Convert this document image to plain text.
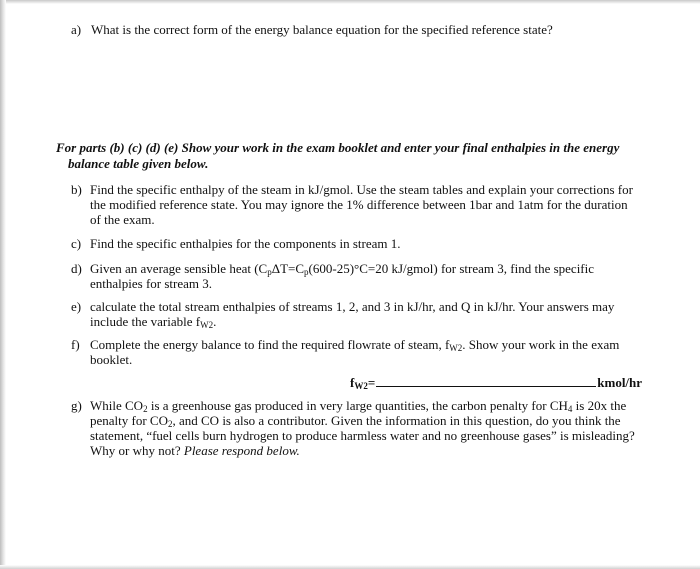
a) What is the correct form of the energy balance equation for the specified reference state?
For parts (b) (c) (d) (e) Show your work in the exam booklet and enter your final enthalpies in the energy
balance table given below.
b) Find the specific enthalpy of the steam in kJ/gmol. Use the steam tables and explain your corrections for
the modified reference state. You may ignore the 1% difference between 1bar and 1atm for the duration
of the exam.
c) Find the specific enthalpies for the components in stream 1.
d) Given an average sensible heat ($C_p\Delta T=C_p(600-25)^\circ C=20$ kJ/gmol) for stream 3, find the specific
enthalpies for stream 3.
e) calculate the total stream enthalpies of streams 1, 2, and 3 in kJ/hr, and Q in kJ/hr. Your answers may
include the variable $f_{W2}$.
f) Complete the energy balance to find the required flowrate of steam, $f_{W2}$. Show your work in the exam
booklet.
$f_{W2}=$	kmol/hr
g) While $CO_2$ is a greenhouse gas produced in very large quantities, the carbon penalty for $CH_4$ is 20x the
penalty for $CO_2$, and CO is also a contributor. Given the information in this question, do you think the
statement, “fuel cells burn hydrogen to produce harmless water and no greenhouse gases” is misleading?
Why or why not? Please respond below.
